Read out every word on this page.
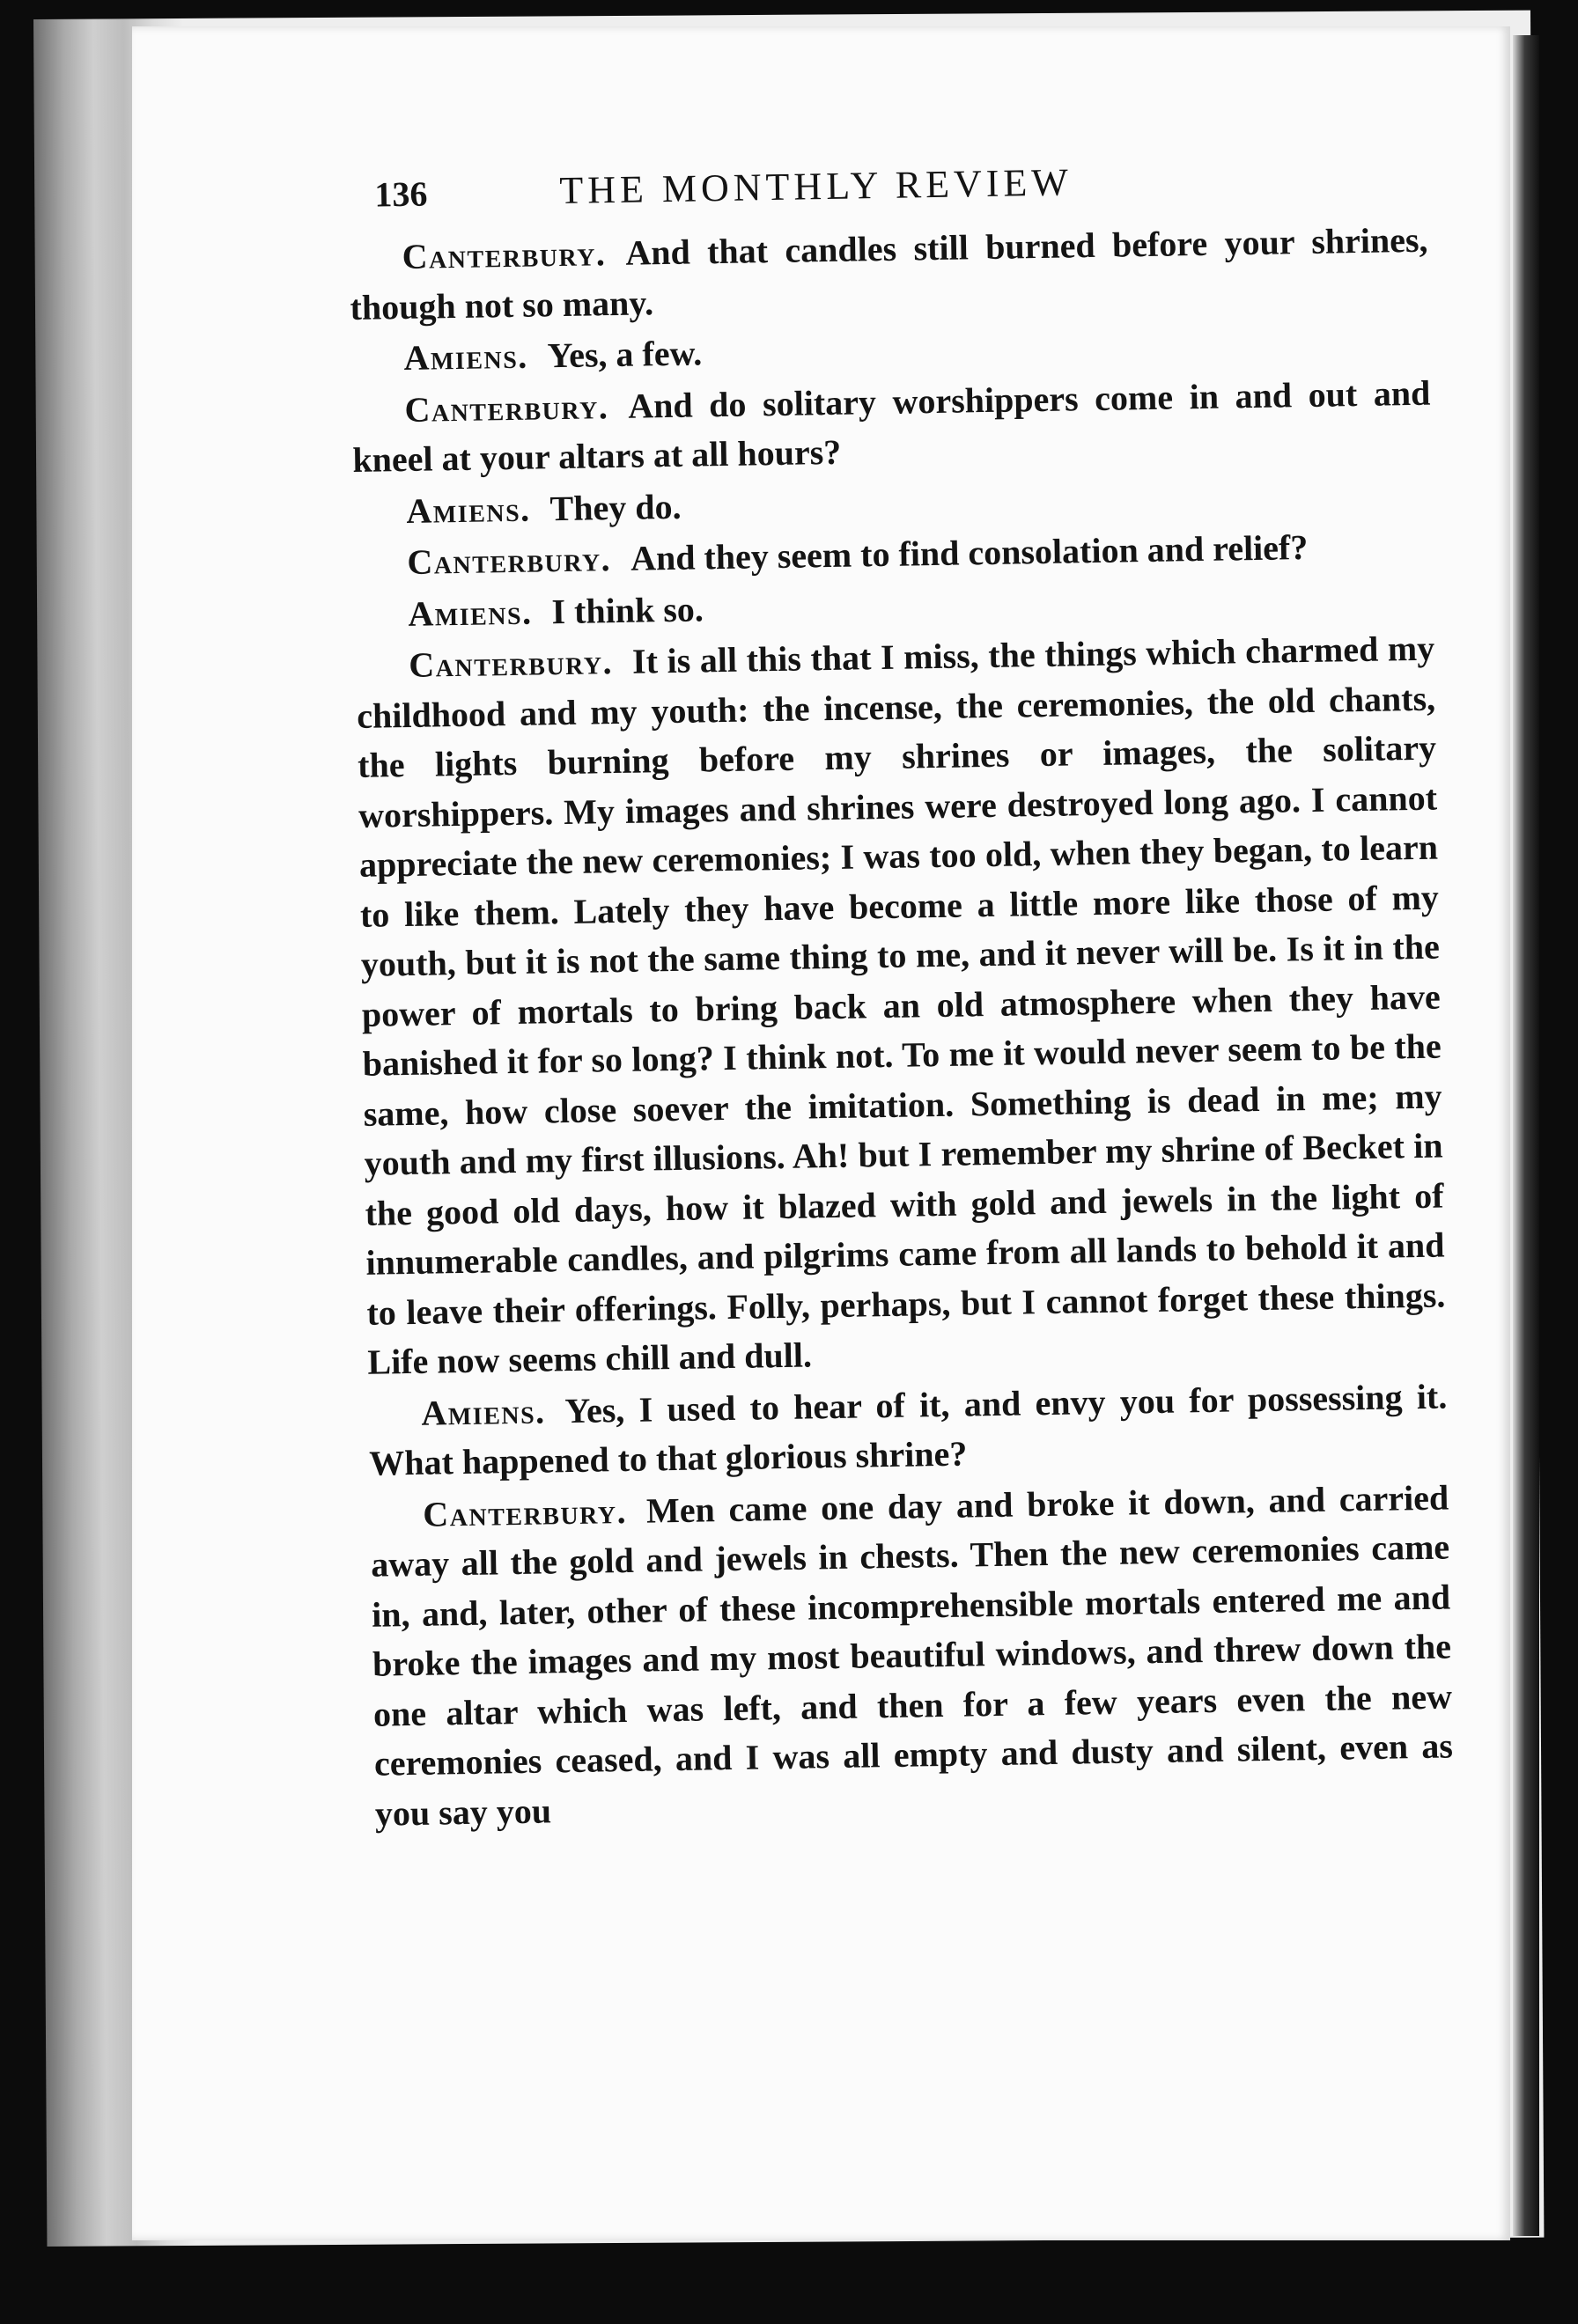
136	THE MONTHLY REVIEW

Canterbury. And that candles still burned before your shrines, though not so many.

Amiens. Yes, a few.

Canterbury. And do solitary worshippers come in and out and kneel at your altars at all hours?

Amiens. They do.

Canterbury. And they seem to find consolation and relief?

Amiens. I think so.

Canterbury. It is all this that I miss, the things which charmed my childhood and my youth: the incense, the ceremonies, the old chants, the lights burning before my shrines or images, the solitary worshippers. My images and shrines were destroyed long ago. I cannot appreciate the new ceremonies; I was too old, when they began, to learn to like them. Lately they have become a little more like those of my youth, but it is not the same thing to me, and it never will be. Is it in the power of mortals to bring back an old atmosphere when they have banished it for so long? I think not. To me it would never seem to be the same, how close soever the imitation. Something is dead in me; my youth and my first illusions. Ah! but I remember my shrine of Becket in the good old days, how it blazed with gold and jewels in the light of innumerable candles, and pilgrims came from all lands to behold it and to leave their offerings. Folly, perhaps, but I cannot forget these things. Life now seems chill and dull.

Amiens. Yes, I used to hear of it, and envy you for possessing it. What happened to that glorious shrine?

Canterbury. Men came one day and broke it down, and carried away all the gold and jewels in chests. Then the new ceremonies came in, and, later, other of these incomprehensible mortals entered me and broke the images and my most beautiful windows, and threw down the one altar which was left, and then for a few years even the new ceremonies ceased, and I was all empty and dusty and silent, even as you say you
